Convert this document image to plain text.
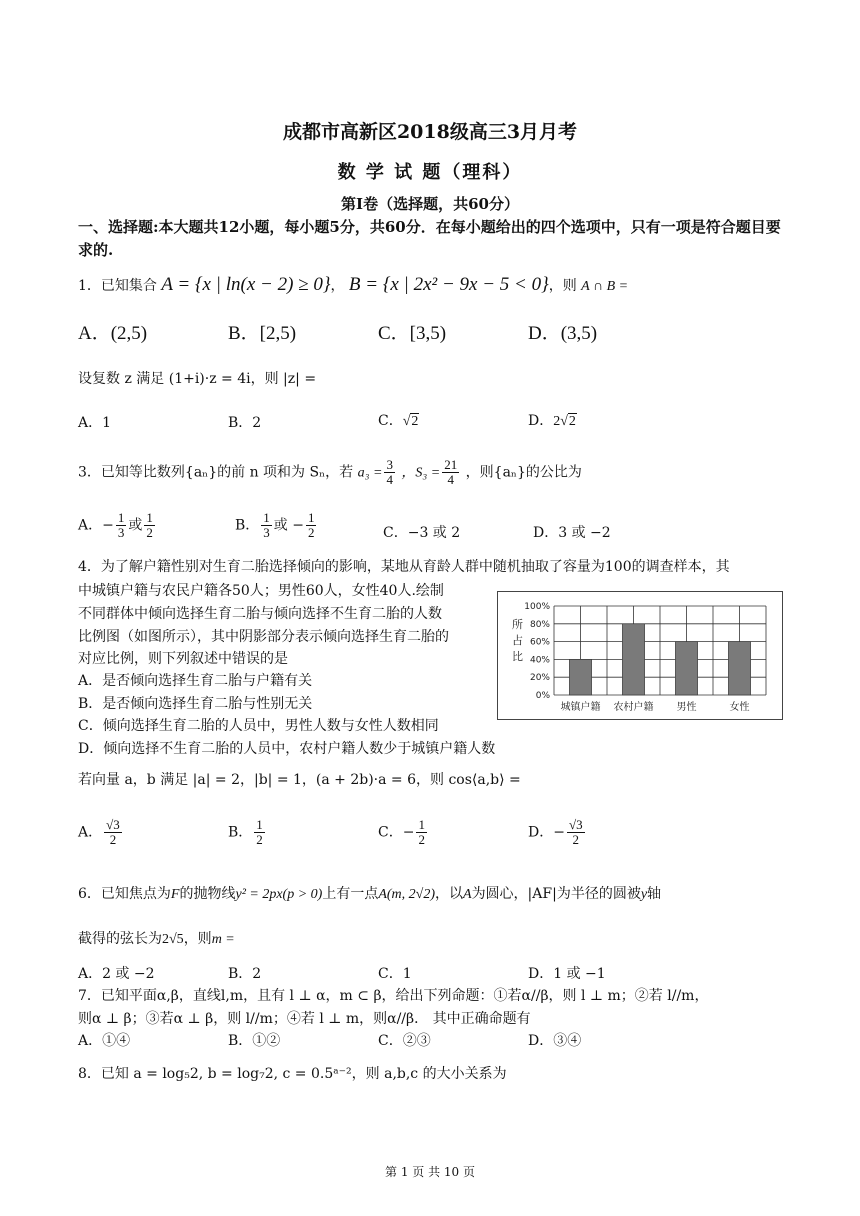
成都市高新区2018级高三3月月考
数 学 试 题（理科）
第Ⅰ卷（选择题，共60分）
一、选择题:本大题共12小题，每小题5分，共60分．在每小题给出的四个选项中，只有一项是符合题目要求的.
1．已知集合 A = {x | ln(x − 2) ≥ 0}， B = {x | 2x² − 9x − 5 < 0}，则 A ∩ B =
A．(2,5)	B．[2,5)	C．[3,5)	D．(3,5)
设复数 z 满足 (1+i)·z = 4i，则 |z| =
A．1	B．2	C．√2	D．2√2
3．已知等比数列{aₙ}的前 n 项和为 Sₙ，若 $a_3 = \frac{3}{4}$ ，$S_3 = \frac{21}{4}$ ，则{aₙ}的公比为
A．− $\frac{1}{3}$ 或 $\frac{1}{2}$	B． $\frac{1}{3}$ 或 − $\frac{1}{2}$	C．−3 或 2	D．3 或 −2
4．为了解户籍性别对生育二胎选择倾向的影响，某地从育龄人群中随机抽取了容量为100的调查样本，其
中城镇户籍与农民户籍各50人；男性60人，女性40人.绘制
不同群体中倾向选择生育二胎与倾向选择不生育二胎的人数
比例图（如图所示），其中阴影部分表示倾向选择生育二胎的
对应比例，则下列叙述中错误的是
A．是否倾向选择生育二胎与户籍有关
B．是否倾向选择生育二胎与性别无关
C．倾向选择生育二胎的人员中，男性人数与女性人数相同
D．倾向选择不生育二胎的人员中，农村户籍人数少于城镇户籍人数
所
占
比
0%
20%
40%
60%
80%
100%
城镇户籍 农村户籍 男性	女性
若向量 a，b 满足 |a| = 2，|b| = 1，(a + 2b)·a = 6，则 cos⟨a,b⟩ =
A． $\frac{√3}{2}$	B． $\frac{1}{2}$	C．− $\frac{1}{2}$	D．− $\frac{√3}{2}$
6．已知焦点为F的抛物线y² = 2px(p > 0)上有一点A(m, 2√2)，以A为圆心，|AF|为半径的圆被y轴
截得的弦长为2√5，则m =
A．2 或 −2	B．2	C．1	D．1 或 −1
7．已知平面α,β，直线l,m，且有 l ⊥ α，m ⊂ β，给出下列命题：①若α//β，则 l ⊥ m；②若 l//m，
则α ⊥ β；③若α ⊥ β，则 l//m；④若 l ⊥ m，则α//β． 其中正确命题有
A．①④	B．①②	C．②③	D．③④
8．已知 a = log₅2, b = log₇2, c = 0.5ᵃ⁻²，则 a,b,c 的大小关系为
第 1 页 共 10 页
